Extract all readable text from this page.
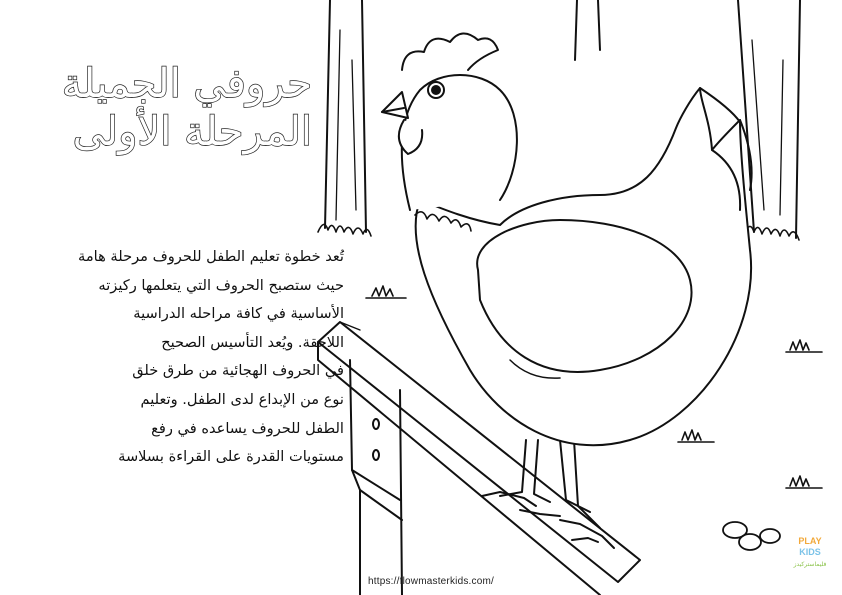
حروفي الجميلة
المرحلة الأولى
تُعد خطوة تعليم الطفل للحروف مرحلة هامة
حيث ستصبح الحروف التي يتعلمها ركيزته
الأساسية في كافة مراحله الدراسية
اللاحقة. ويُعد التأسيس الصحيح
في الحروف الهجائية من طرق خلق
نوع من الإبداع لدى الطفل. وتعليم
الطفل للحروف يساعده في رفع
مستويات القدرة على القراءة بسلاسة
https://flowmasterkids.com/
PLAY
KIDS
فليماستركيدز
